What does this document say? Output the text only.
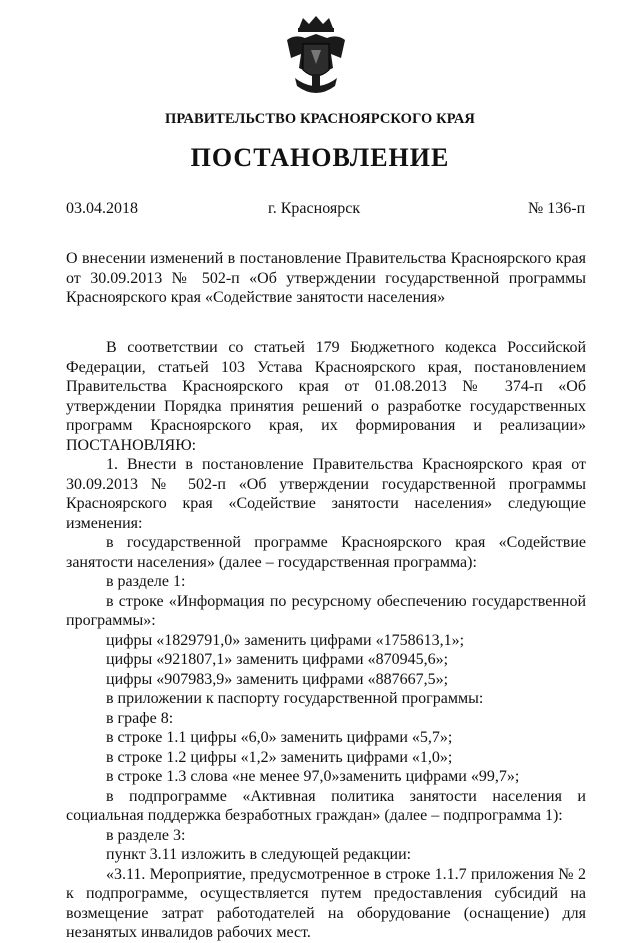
ПРАВИТЕЛЬСТВО КРАСНОЯРСКОГО КРАЯ
ПОСТАНОВЛЕНИЕ
03.04.2018	г. Красноярск	№ 136-п
О внесении изменений в постановление Правительства Красноярского края от 30.09.2013 № 502-п «Об утверждении государственной программы Красноярского края «Содействие занятости населения»

В соответствии со статьей 179 Бюджетного кодекса Российской Федерации, статьей 103 Устава Красноярского края, постановлением Правительства Красноярского края от 01.08.2013 № 374-п «Об утверждении Порядка принятия решений о разработке государственных программ Красноярского края, их формирования и реализации» ПОСТАНОВЛЯЮ:

1. Внести в постановление Правительства Красноярского края от 30.09.2013 № 502-п «Об утверждении государственной программы Красноярского края «Содействие занятости населения» следующие изменения:

в государственной программе Красноярского края «Содействие занятости населения» (далее – государственная программа):

в разделе 1:

в строке «Информация по ресурсному обеспечению государственной программы»:

цифры «1829791,0» заменить цифрами «1758613,1»;

цифры «921807,1» заменить цифрами «870945,6»;

цифры «907983,9» заменить цифрами «887667,5»;

в приложении к паспорту государственной программы:

в графе 8:

в строке 1.1 цифры «6,0» заменить цифрами «5,7»;

в строке 1.2 цифры «1,2» заменить цифрами «1,0»;

в строке 1.3 слова «не менее 97,0»заменить цифрами «99,7»;

в подпрограмме «Активная политика занятости населения и социальная поддержка безработных граждан» (далее – подпрограмма 1):

в разделе 3:

пункт 3.11 изложить в следующей редакции:

«3.11. Мероприятие, предусмотренное в строке 1.1.7 приложения № 2 к подпрограмме, осуществляется путем предоставления субсидий на возмещение затрат работодателей на оборудование (оснащение) для незанятых инвалидов рабочих мест.
